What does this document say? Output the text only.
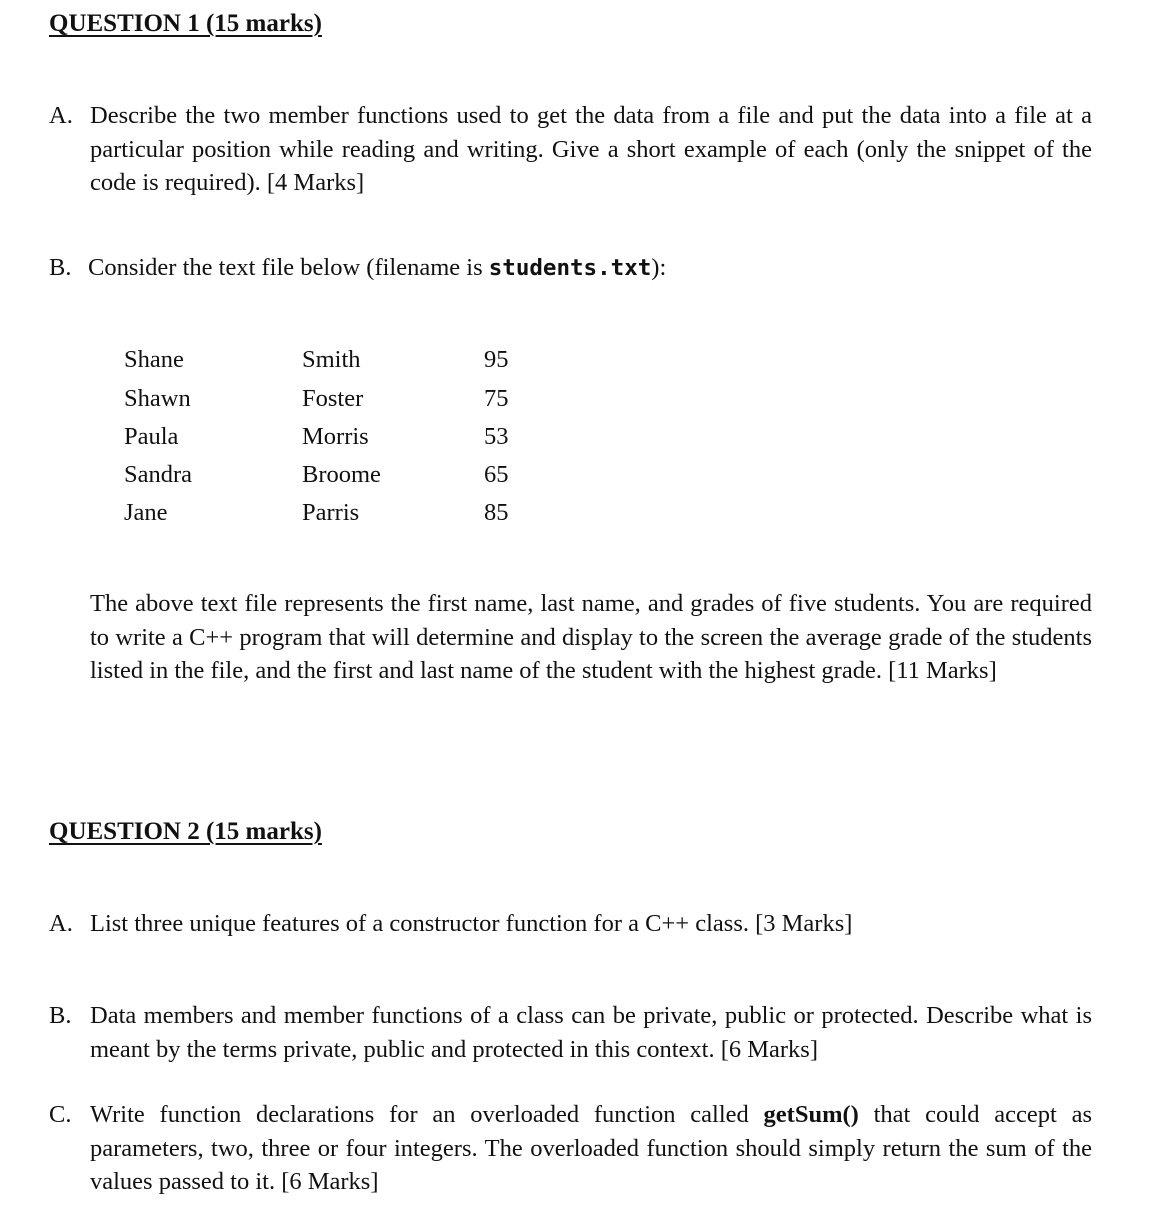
QUESTION 1 (15 marks)
A. Describe the two member functions used to get the data from a file and put the data into a file at a particular position while reading and writing. Give a short example of each (only the snippet of the code is required). [4 Marks]
B. Consider the text file below (filename is students.txt):
Shane	Smith	95
Shawn	Foster	75
Paula	Morris	53
Sandra	Broome	65
Jane	Parris	85
The above text file represents the first name, last name, and grades of five students. You are required to write a C++ program that will determine and display to the screen the average grade of the students listed in the file, and the first and last name of the student with the highest grade. [11 Marks]
QUESTION 2 (15 marks)
A. List three unique features of a constructor function for a C++ class. [3 Marks]
B. Data members and member functions of a class can be private, public or protected. Describe what is meant by the terms private, public and protected in this context. [6 Marks]
C. Write function declarations for an overloaded function called getSum() that could accept as parameters, two, three or four integers. The overloaded function should simply return the sum of the values passed to it. [6 Marks]
